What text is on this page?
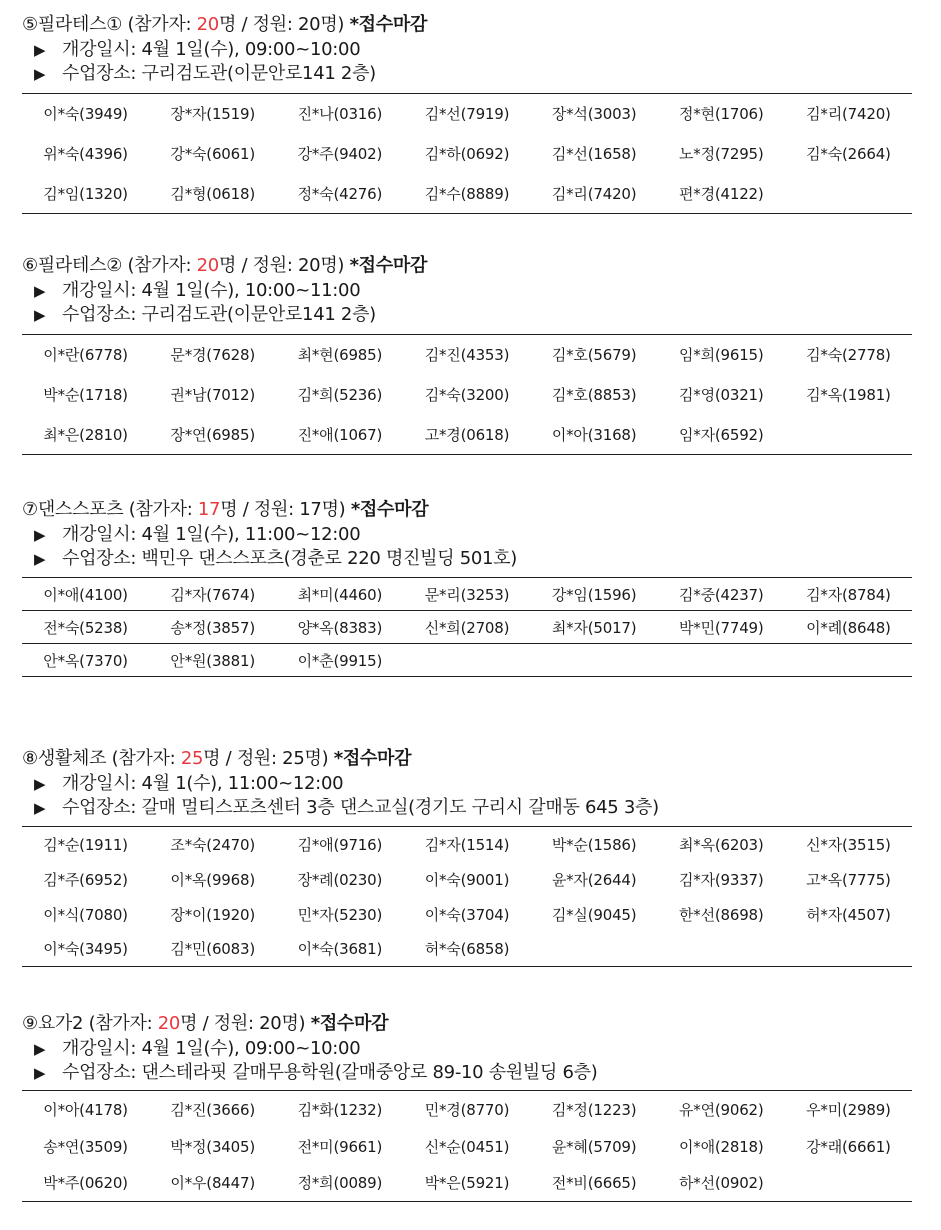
⑤필라테스① (참가자: 20명 / 정원: 20명) *접수마감
▶ 개강일시: 4월 1일(수), 09:00~10:00
▶ 수업장소: 구리검도관(이문안로141 2층)
이*숙(3949)	장*자(1519)	진*나(0316)	김*선(7919)	장*석(3003)	정*현(1706)	김*리(7420)
위*숙(4396)	강*숙(6061)	강*주(9402)	김*하(0692)	김*선(1658)	노*정(7295)	김*숙(2664)
김*임(1320)	김*형(0618)	정*숙(4276)	김*수(8889)	김*리(7420)	편*경(4122)	
⑥필라테스② (참가자: 20명 / 정원: 20명) *접수마감
▶ 개강일시: 4월 1일(수), 10:00~11:00
▶ 수업장소: 구리검도관(이문안로141 2층)
이*란(6778)	문*경(7628)	최*현(6985)	김*진(4353)	김*호(5679)	임*희(9615)	김*숙(2778)
박*순(1718)	권*남(7012)	김*희(5236)	김*숙(3200)	김*호(8853)	김*영(0321)	김*옥(1981)
최*은(2810)	장*연(6985)	진*애(1067)	고*경(0618)	이*아(3168)	임*자(6592)	
⑦댄스스포츠 (참가자: 17명 / 정원: 17명) *접수마감
▶ 개강일시: 4월 1일(수), 11:00~12:00
▶ 수업장소: 백민우 댄스스포츠(경춘로 220 명진빌딩 501호)
이*애(4100)	김*자(7674)	최*미(4460)	문*리(3253)	강*임(1596)	김*중(4237)	김*자(8784)
전*숙(5238)	송*정(3857)	양*옥(8383)	신*희(2708)	최*자(5017)	박*민(7749)	이*례(8648)
안*옥(7370)	안*원(3881)	이*춘(9915)				
⑧생활체조 (참가자: 25명 / 정원: 25명) *접수마감
▶ 개강일시: 4월 1(수), 11:00~12:00
▶ 수업장소: 갈매 멀티스포츠센터 3층 댄스교실(경기도 구리시 갈매동 645 3층)
김*순(1911)	조*숙(2470)	김*애(9716)	김*자(1514)	박*순(1586)	최*옥(6203)	신*자(3515)
김*주(6952)	이*옥(9968)	장*례(0230)	이*숙(9001)	윤*자(2644)	김*자(9337)	고*옥(7775)
이*식(7080)	장*이(1920)	민*자(5230)	이*숙(3704)	김*실(9045)	한*선(8698)	허*자(4507)
이*숙(3495)	김*민(6083)	이*숙(3681)	허*숙(6858)			
⑨요가2 (참가자: 20명 / 정원: 20명) *접수마감
▶ 개강일시: 4월 1일(수), 09:00~10:00
▶ 수업장소: 댄스테라핏 갈매무용학원(갈매중앙로 89-10 송원빌딩 6층)
이*아(4178)	김*진(3666)	김*화(1232)	민*경(8770)	김*정(1223)	유*연(9062)	우*미(2989)
송*연(3509)	박*정(3405)	전*미(9661)	신*순(0451)	윤*혜(5709)	이*애(2818)	강*래(6661)
박*주(0620)	이*우(8447)	정*희(0089)	박*은(5921)	전*비(6665)	하*선(0902)	
